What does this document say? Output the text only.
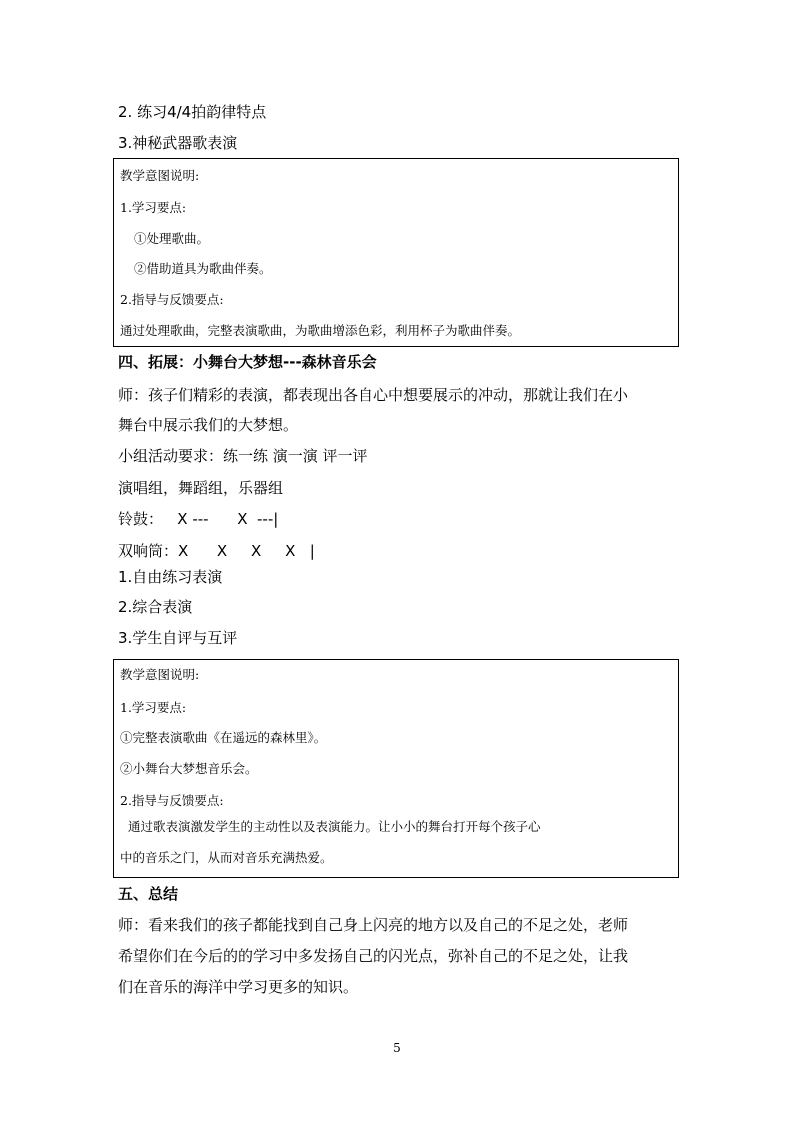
2. 练习4/4拍韵律特点
3.神秘武器歌表演
教学意图说明:
1.学习要点:
①处理歌曲。
②借助道具为歌曲伴奏。
2.指导与反馈要点:
通过处理歌曲，完整表演歌曲，为歌曲增添色彩，利用杯子为歌曲伴奏。
四、拓展：小舞台大梦想---森林音乐会
师：孩子们精彩的表演，都表现出各自心中想要展示的冲动，那就让我们在小
舞台中展示我们的大梦想。
小组活动要求：练一练 演一演 评一评
演唱组，舞蹈组，乐器组
铃鼓：   X ---      X  ---|
双响筒：X      X     X     X   |
1.自由练习表演
2.综合表演
3.学生自评与互评
教学意图说明:
1.学习要点:
①完整表演歌曲《在遥远的森林里》。
②小舞台大梦想音乐会。
2.指导与反馈要点:
通过歌表演激发学生的主动性以及表演能力。让小小的舞台打开每个孩子心
中的音乐之门，从而对音乐充满热爱。
五、总结
师：看来我们的孩子都能找到自己身上闪亮的地方以及自己的不足之处，老师
希望你们在今后的的学习中多发扬自己的闪光点，弥补自己的不足之处，让我
们在音乐的海洋中学习更多的知识。
5
